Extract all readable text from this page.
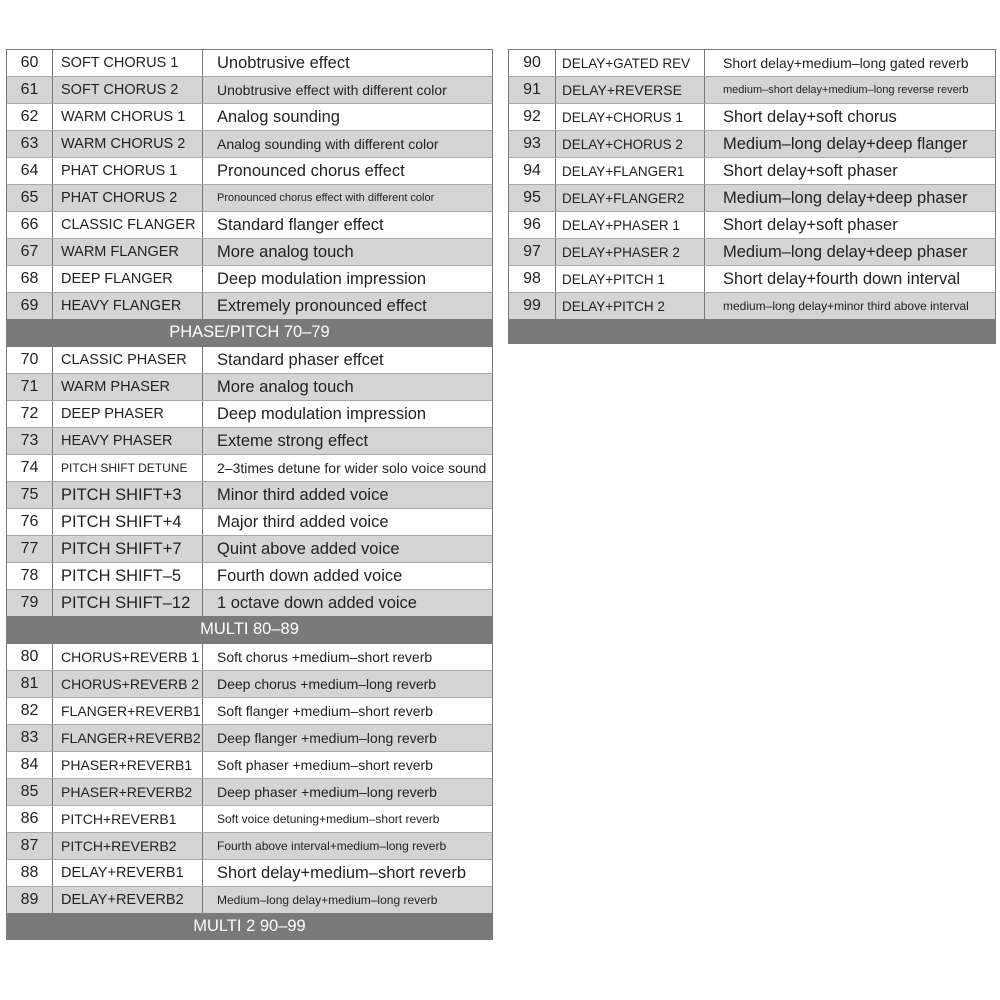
60	SOFT CHORUS 1	Unobtrusive effect
61	SOFT CHORUS 2	Unobtrusive effect with different color
62	WARM CHORUS 1	Analog sounding
63	WARM CHORUS 2	Analog sounding with different color
64	PHAT CHORUS 1	Pronounced chorus effect
65	PHAT CHORUS 2	Pronounced chorus effect with different color
66	CLASSIC FLANGER	Standard flanger effect
67	WARM FLANGER	More analog touch
68	DEEP FLANGER	Deep modulation impression
69	HEAVY FLANGER	Extremely pronounced effect
PHASE/PITCH 70–79
70	CLASSIC PHASER	Standard phaser effcet
71	WARM PHASER	More analog touch
72	DEEP PHASER	Deep modulation impression
73	HEAVY PHASER	Exteme strong effect
74	PITCH SHIFT DETUNE	2–3times detune for wider solo voice sound
75	PITCH SHIFT+3	Minor third added voice
76	PITCH SHIFT+4	Major third added voice
77	PITCH SHIFT+7	Quint above added voice
78	PITCH SHIFT–5	Fourth down added voice
79	PITCH SHIFT–12	1 octave down added voice
MULTI 80–89
80	CHORUS+REVERB 1	Soft chorus +medium–short reverb
81	CHORUS+REVERB 2	Deep chorus +medium–long reverb
82	FLANGER+REVERB1	Soft flanger +medium–short reverb
83	FLANGER+REVERB2	Deep flanger +medium–long reverb
84	PHASER+REVERB1	Soft phaser +medium–short reverb
85	PHASER+REVERB2	Deep phaser +medium–long reverb
86	PITCH+REVERB1	Soft voice detuning+medium–short reverb
87	PITCH+REVERB2	Fourth above interval+medium–long reverb
88	DELAY+REVERB1	Short delay+medium–short reverb
89	DELAY+REVERB2	Medium–long delay+medium–long reverb
MULTI 2 90–99
90	DELAY+GATED REV	Short delay+medium–long gated reverb
91	DELAY+REVERSE	medium–short delay+medium–long reverse reverb
92	DELAY+CHORUS 1	Short delay+soft chorus
93	DELAY+CHORUS 2	Medium–long delay+deep flanger
94	DELAY+FLANGER1	Short delay+soft phaser
95	DELAY+FLANGER2	Medium–long delay+deep phaser
96	DELAY+PHASER 1	Short delay+soft phaser
97	DELAY+PHASER 2	Medium–long delay+deep phaser
98	DELAY+PITCH 1	Short delay+fourth down interval
99	DELAY+PITCH 2	medium–long delay+minor third above interval
